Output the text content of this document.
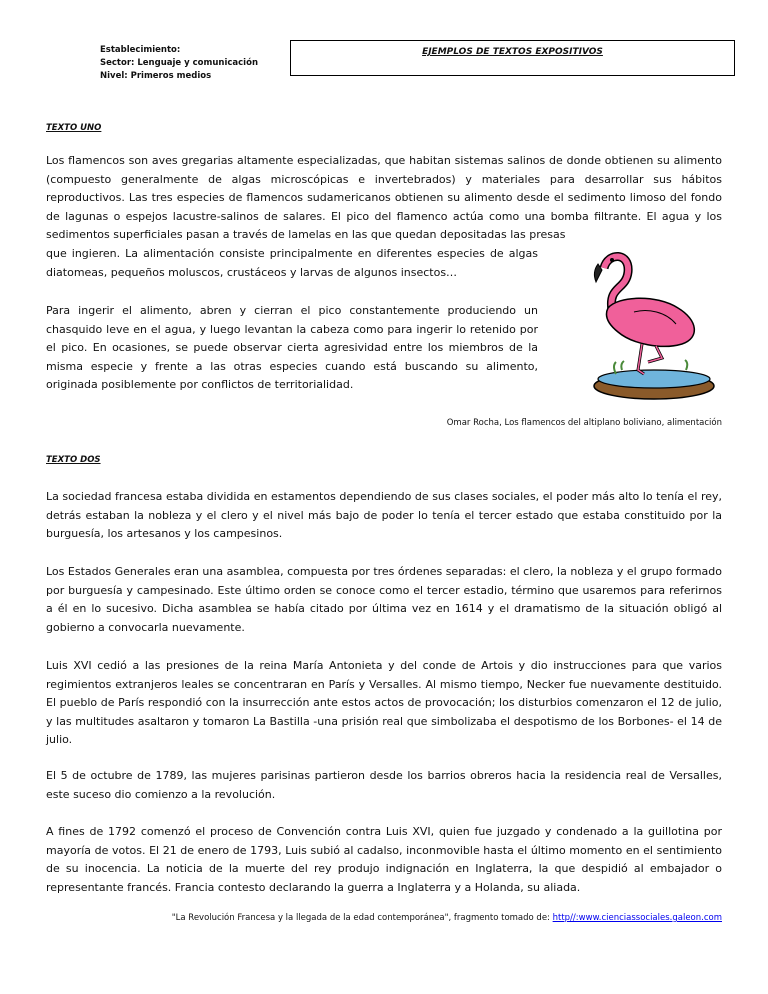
Establecimiento:
Sector: Lenguaje y comunicación
Nivel: Primeros medios
EJEMPLOS DE TEXTOS EXPOSITIVOS
TEXTO UNO

Los flamencos son aves gregarias altamente especializadas, que habitan sistemas salinos de donde obtienen su alimento (compuesto generalmente de algas microscópicas e invertebrados) y materiales para desarrollar sus hábitos reproductivos. Las tres especies de flamencos sudamericanos obtienen su alimento desde el sedimento limoso del fondo de lagunas o espejos lacustre-salinos de salares. El pico del flamenco actúa como una bomba filtrante. El agua y los sedimentos superficiales pasan a través de lamelas en las que quedan depositadas las presas

que ingieren. La alimentación consiste principalmente en diferentes especies de algas diatomeas, pequeños moluscos, crustáceos y larvas de algunos insectos…

Para ingerir el alimento, abren y cierran el pico constantemente produciendo un chasquido leve en el agua, y luego levantan la cabeza como para ingerir lo retenido por el pico. En ocasiones, se puede observar cierta agresividad entre los miembros de la misma especie y frente a las otras especies cuando está buscando su alimento, originada posiblemente por conflictos de territorialidad.

Omar Rocha, Los flamencos del altiplano boliviano, alimentación
TEXTO DOS

La sociedad francesa estaba dividida en estamentos dependiendo de sus clases sociales, el poder más alto lo tenía el rey, detrás estaban la nobleza y el clero y el nivel más bajo de poder lo tenía el tercer estado que estaba constituido por la burguesía, los artesanos y los campesinos.

Los Estados Generales eran una asamblea, compuesta por tres órdenes separadas: el clero, la nobleza y el grupo formado por burguesía y campesinado. Este último orden se conoce como el tercer estadio, término que usaremos para referirnos a él en lo sucesivo. Dicha asamblea se había citado por última vez en 1614 y el dramatismo de la situación obligó al gobierno a convocarla nuevamente.

Luis XVI cedió a las presiones de la reina María Antonieta y del conde de Artois y dio instrucciones para que varios regimientos extranjeros leales se concentraran en París y Versalles. Al mismo tiempo, Necker fue nuevamente destituido. El pueblo de París respondió con la insurrección ante estos actos de provocación; los disturbios comenzaron el 12 de julio, y las multitudes asaltaron y tomaron La Bastilla -una prisión real que simbolizaba el despotismo de los Borbones- el 14 de julio.

El 5 de octubre de 1789, las mujeres parisinas partieron desde los barrios obreros hacia la residencia real de Versalles, este suceso dio comienzo a la revolución.

A fines de 1792 comenzó el proceso de Convención contra Luis XVI, quien fue juzgado y condenado a la guillotina por mayoría de votos. El 21 de enero de 1793, Luis subió al cadalso, inconmovible hasta el último momento en el sentimiento de su inocencia. La noticia de la muerte del rey produjo indignación en Inglaterra, la que despidió al embajador o representante francés. Francia contesto declarando la guerra a Inglaterra y a Holanda, su aliada.

"La Revolución Francesa y la llegada de la edad contemporánea", fragmento tomado de: http//:www.cienciassociales.galeon.com
